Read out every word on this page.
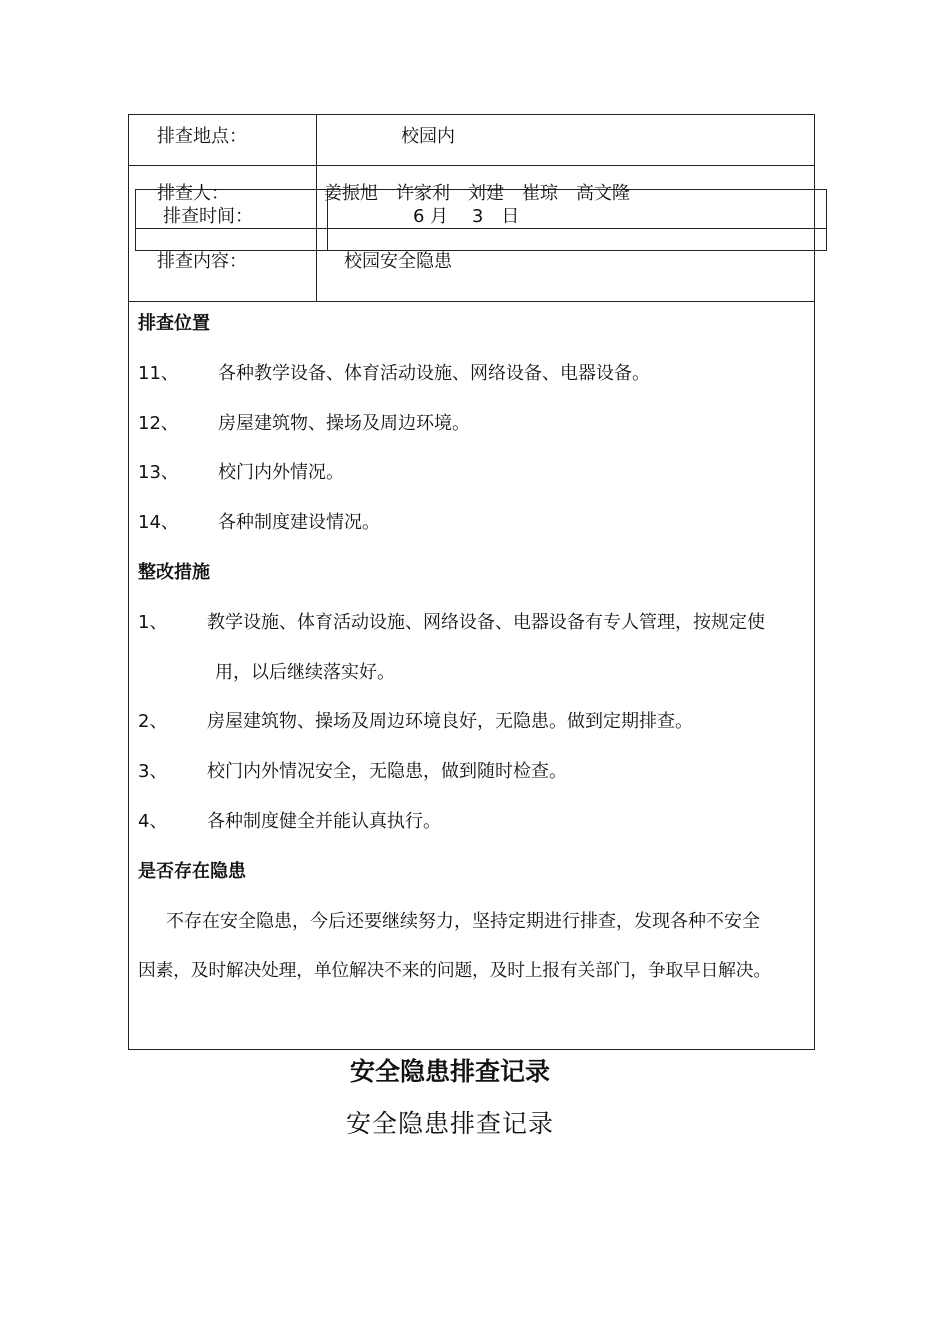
排查地点：	校园内
排查人：	姜振旭　许家利　刘建　崔琼　高文隆
排查时间：	6 月　 3　日
排查内容：	校园安全隐患
排查位置
11、 各种教学设备、体育活动设施、网络设备、电器设备。
12、 房屋建筑物、操场及周边环境。
13、 校门内外情况。
14、 各种制度建设情况。
整改措施
1、 教学设施、体育活动设施、网络设备、电器设备有专人管理，按规定使
用，以后继续落实好。
2、 房屋建筑物、操场及周边环境良好，无隐患。做到定期排查。
3、 校门内外情况安全，无隐患，做到随时检查。
4、 各种制度健全并能认真执行。
是否存在隐患
不存在安全隐患，今后还要继续努力，坚持定期进行排查，发现各种不安全
因素，及时解决处理，单位解决不来的问题，及时上报有关部门，争取早日解决。
安全隐患排查记录
安全隐患排查记录
